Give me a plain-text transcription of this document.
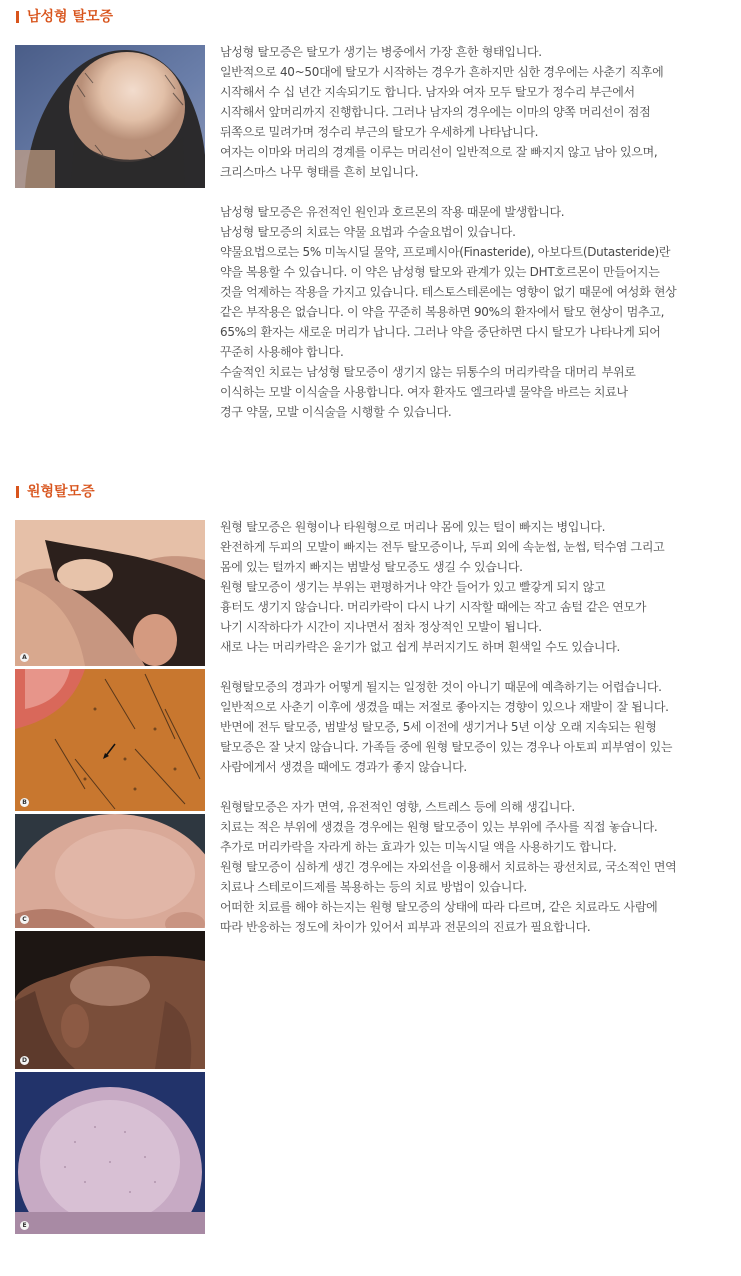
남성형 탈모증

남성형 탈모증은 탈모가 생기는 병중에서 가장 흔한 형태입니다.
일반적으로 40~50대에 탈모가 시작하는 경우가 흔하지만 심한 경우에는 사춘기 직후에
시작해서 수 십 년간 지속되기도 합니다. 남자와 여자 모두 탈모가 정수리 부근에서
시작해서 앞머리까지 진행합니다. 그러나 남자의 경우에는 이마의 양쪽 머리선이 점점
뒤쪽으로 밀려가며 정수리 부근의 탈모가 우세하게 나타납니다.
여자는 이마와 머리의 경계를 이루는 머리선이 일반적으로 잘 빠지지 않고 남아 있으며,
크리스마스 나무 형태를 흔히 보입니다.

남성형 탈모증은 유전적인 원인과 호르몬의 작용 때문에 발생합니다.
남성형 탈모증의 치료는 약물 요법과 수술요법이 있습니다.
약물요법으로는 5% 미녹시딜 물약, 프로페시아(Finasteride), 아보다트(Dutasteride)란
약을 복용할 수 있습니다. 이 약은 남성형 탈모와 관계가 있는 DHT호르몬이 만들어지는
것을 억제하는 작용을 가지고 있습니다. 테스토스테론에는 영향이 없기 때문에 여성화 현상
같은 부작용은 없습니다. 이 약을 꾸준히 복용하면 90%의 환자에서 탈모 현상이 멈추고,
65%의 환자는 새로운 머리가 납니다. 그러나 약을 중단하면 다시 탈모가 나타나게 되어
꾸준히 사용해야 합니다.
수술적인 치료는 남성형 탈모증이 생기지 않는 뒤통수의 머리카락을 대머리 부위로
이식하는 모발 이식술을 사용합니다. 여자 환자도 엘크라넬 물약을 바르는 치료나
경구 약물, 모발 이식술을 시행할 수 있습니다.

원형탈모증
A
B
C
D
E

원형 탈모증은 원형이나 타원형으로 머리나 몸에 있는 털이 빠지는 병입니다.
완전하게 두피의 모발이 빠지는 전두 탈모증이나, 두피 외에 속눈썹, 눈썹, 턱수염 그리고
몸에 있는 털까지 빠지는 범발성 탈모증도 생길 수 있습니다.
원형 탈모증이 생기는 부위는 편평하거나 약간 들어가 있고 빨갛게 되지 않고
흉터도 생기지 않습니다. 머리카락이 다시 나기 시작할 때에는 작고 솜털 같은 연모가
나기 시작하다가 시간이 지나면서 점차 정상적인 모발이 됩니다.
새로 나는 머리카락은 윤기가 없고 쉽게 부러지기도 하며 흰색일 수도 있습니다.

원형탈모증의 경과가 어떻게 될지는 일정한 것이 아니기 때문에 예측하기는 어렵습니다.
일반적으로 사춘기 이후에 생겼을 때는 저절로 좋아지는 경향이 있으나 재발이 잘 됩니다.
반면에 전두 탈모증, 범발성 탈모증, 5세 이전에 생기거나 5년 이상 오래 지속되는 원형
탈모증은 잘 낫지 않습니다. 가족들 중에 원형 탈모증이 있는 경우나 아토피 피부염이 있는
사람에게서 생겼을 때에도 경과가 좋지 않습니다.

원형탈모증은 자가 면역, 유전적인 영향, 스트레스 등에 의해 생깁니다.
치료는 적은 부위에 생겼을 경우에는 원형 탈모증이 있는 부위에 주사를 직접 놓습니다.
추가로 머리카락을 자라게 하는 효과가 있는 미녹시딜 액을 사용하기도 합니다.
원형 탈모증이 심하게 생긴 경우에는 자외선을 이용해서 치료하는 광선치료, 국소적인 면역
치료나 스테로이드제를 복용하는 등의 치료 방법이 있습니다.
어떠한 치료를 해야 하는지는 원형 탈모증의 상태에 따라 다르며, 같은 치료라도 사람에
따라 반응하는 정도에 차이가 있어서 피부과 전문의의 진료가 필요합니다.
